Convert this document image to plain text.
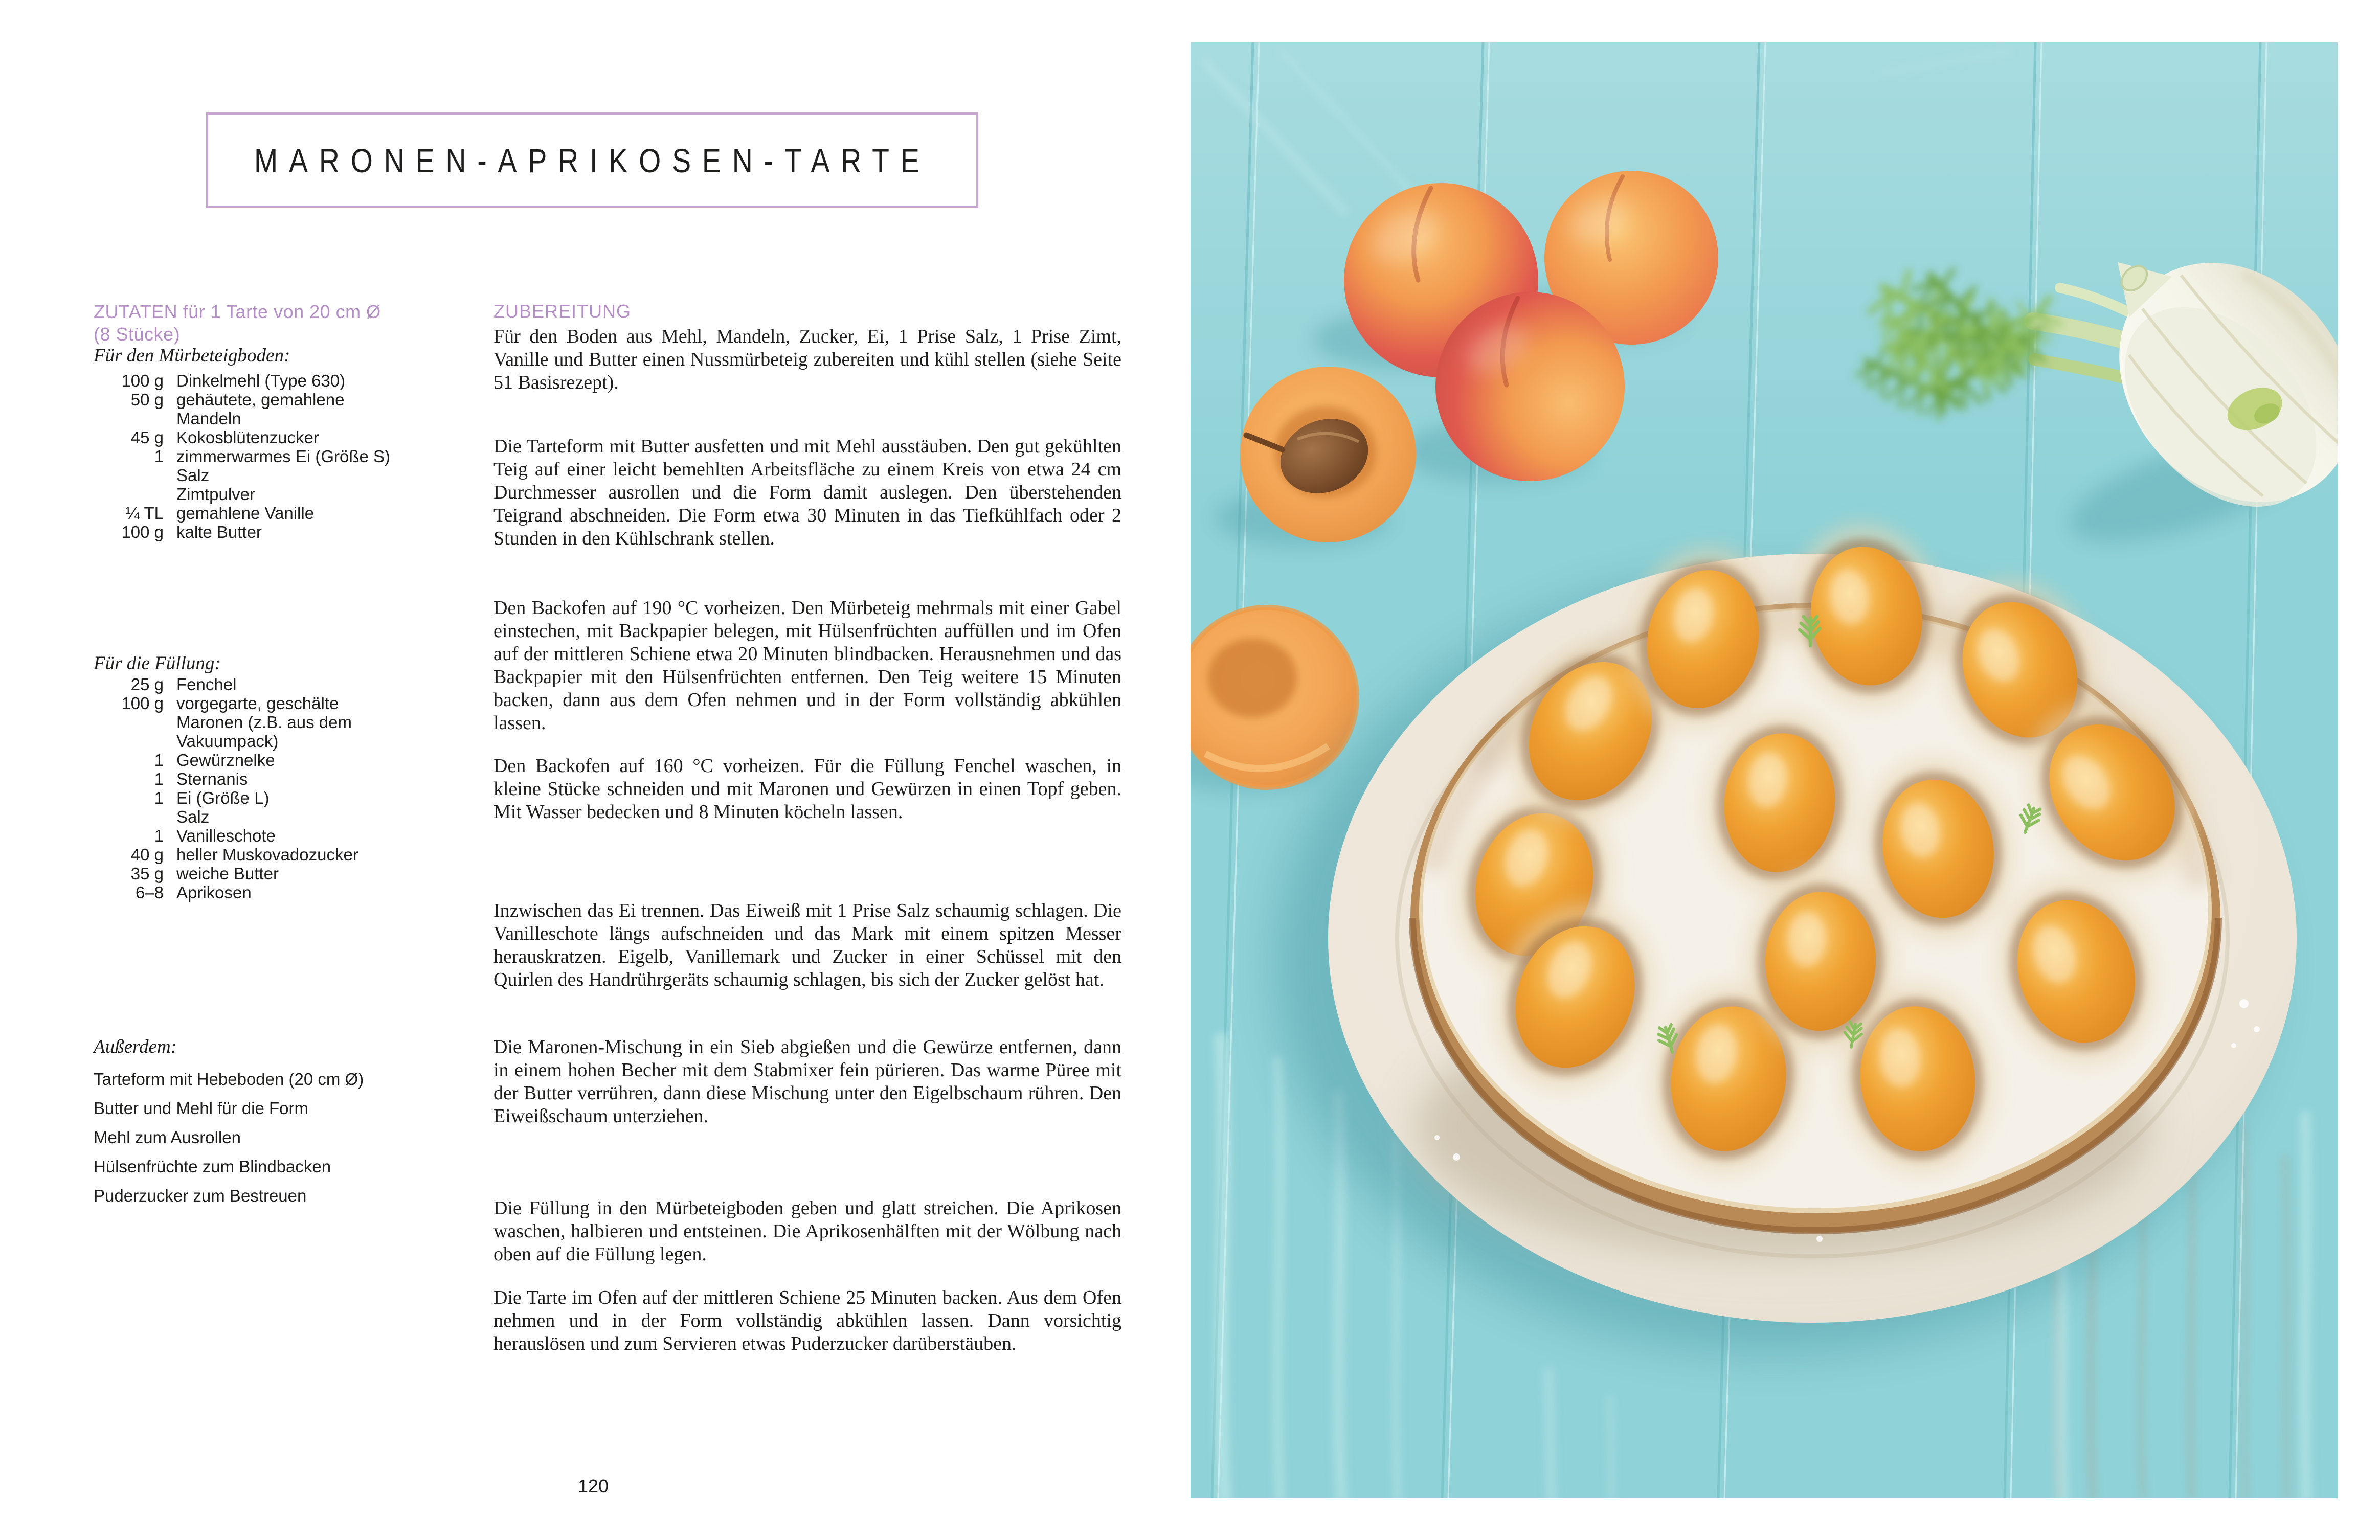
MARONEN-APRIKOSEN-TARTE
ZUTATEN für 1 Tarte von 20 cm Ø
(8 Stücke)
Für den Mürbeteigboden:
100 g Dinkelmehl (Type 630)
50 g gehäutete, gemahlene
Mandeln
45 g Kokosblütenzucker
1 zimmerwarmes Ei (Größe S)
Salz
Zimtpulver
¼ TL gemahlene Vanille
100 g kalte Butter
Für die Füllung:
25 g Fenchel
100 g vorgegarte, geschälte
Maronen (z.B. aus dem
Vakuumpack)
1 Gewürznelke
1 Sternanis
1 Ei (Größe L)
Salz
1 Vanilleschote
40 g heller Muskovadozucker
35 g weiche Butter
6–8 Aprikosen
Außerdem:
Tarteform mit Hebeboden (20 cm Ø)
Butter und Mehl für die Form
Mehl zum Ausrollen
Hülsenfrüchte zum Blindbacken
Puderzucker zum Bestreuen
ZUBEREITUNG

Für den Boden aus Mehl, Mandeln, Zucker, Ei, 1 Prise Salz, 1 Prise Zimt, Vanille und Butter einen Nussmürbeteig zubereiten und kühl stellen (siehe Seite 51 Basisrezept).

Die Tarteform mit Butter ausfetten und mit Mehl ausstäuben. Den gut gekühlten Teig auf einer leicht bemehlten Arbeitsfläche zu einem Kreis von etwa 24 cm Durchmesser ausrollen und die Form damit auslegen. Den überstehenden Teigrand abschneiden. Die Form etwa 30 Minuten in das Tiefkühlfach oder 2 Stunden in den Kühlschrank stellen.

Den Backofen auf 190 °C vorheizen. Den Mürbeteig mehrmals mit einer Gabel einstechen, mit Backpapier belegen, mit Hülsenfrüchten auffüllen und im Ofen auf der mittleren Schiene etwa 20 Minuten blindbacken. Herausnehmen und das Backpapier mit den Hülsenfrüchten entfernen. Den Teig weitere 15 Minuten backen, dann aus dem Ofen nehmen und in der Form vollständig abkühlen lassen.

Den Backofen auf 160 °C vorheizen. Für die Füllung Fenchel waschen, in kleine Stücke schneiden und mit Maronen und Gewürzen in einen Topf geben. Mit Wasser bedecken und 8 Minuten köcheln lassen.

Inzwischen das Ei trennen. Das Eiweiß mit 1 Prise Salz schaumig schlagen. Die Vanilleschote längs aufschneiden und das Mark mit einem spitzen Messer herauskratzen. Eigelb, Vanillemark und Zucker in einer Schüssel mit den Quirlen des Handrührgeräts schaumig schlagen, bis sich der Zucker gelöst hat.

Die Maronen-Mischung in ein Sieb abgießen und die Gewürze entfernen, dann in einem hohen Becher mit dem Stabmixer fein pürieren. Das warme Püree mit der Butter verrühren, dann diese Mischung unter den Eigelbschaum rühren. Den Eiweißschaum unterziehen.

Die Füllung in den Mürbeteigboden geben und glatt streichen. Die Aprikosen waschen, halbieren und entsteinen. Die Aprikosenhälften mit der Wölbung nach oben auf die Füllung legen.

Die Tarte im Ofen auf der mittleren Schiene 25 Minuten backen. Aus dem Ofen nehmen und in der Form vollständig abkühlen lassen. Dann vorsichtig herauslösen und zum Servieren etwas Puderzucker darüberstäuben.

120
